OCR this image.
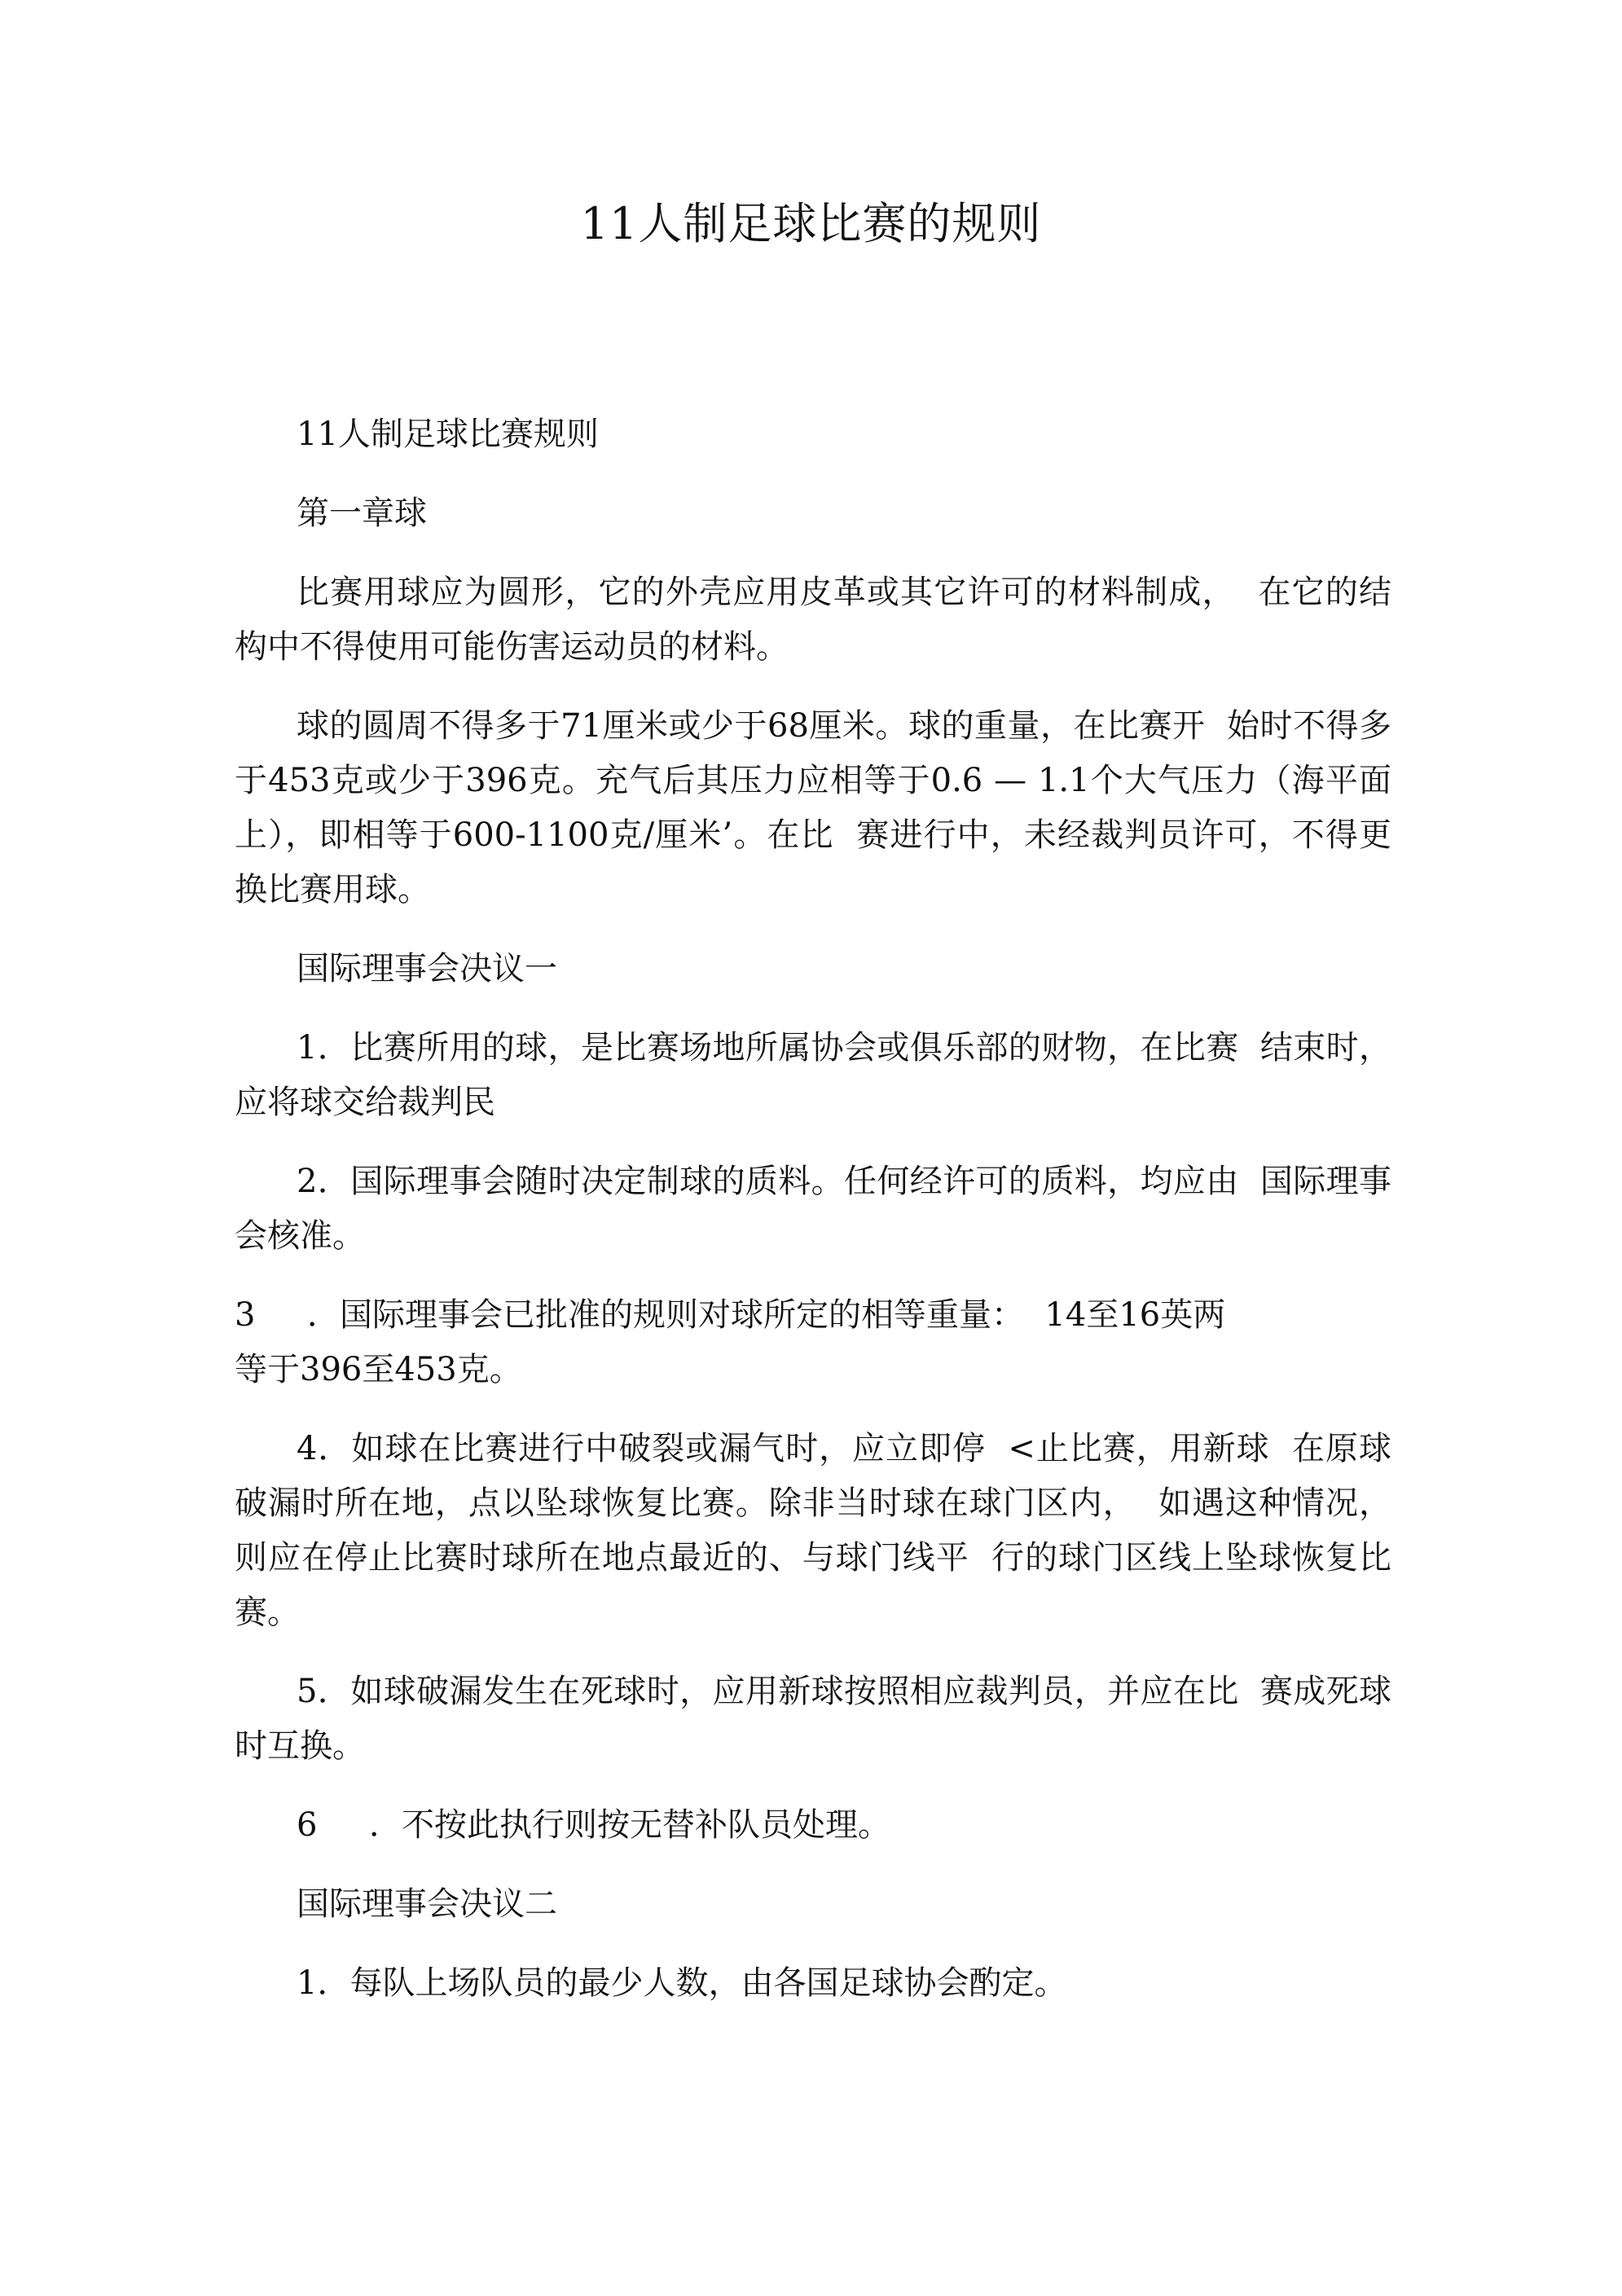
11人制足球比赛的规则

11人制足球比赛规则

第一章球

比赛用球应为圆形，它的外壳应用皮革或其它许可的材料制成，  在它的结构中不得使用可能伤害运动员的材料。

球的圆周不得多于71厘米或少于68厘米。球的重量，在比赛开  始时不得多于453克或少于396克。充气后其压力应相等于0.6 — 1.1个大气压力（海平面上），即相等于600-1100克/厘米’。在比  赛进行中，未经裁判员许可，不得更换比赛用球。

国际理事会决议一

1．比赛所用的球，是比赛场地所属协会或俱乐部的财物，在比赛  结束时，应将球交给裁判民

2．国际理事会随时决定制球的质料。任何经许可的质料，均应由  国际理事会核准。

3     ．国际理事会已批准的规则对球所定的相等重量：  14至16英两
等于396至453克。

4．如球在比赛进行中破裂或漏气时，应立即停  <止比赛，用新球  在原球破漏时所在地，点以坠球恢复比赛。除非当时球在球门区内，  如遇这种情况，则应在停止比赛时球所在地点最近的、与球门线平  行的球门区线上坠球恢复比赛。

5．如球破漏发生在死球时，应用新球按照相应裁判员，并应在比  赛成死球时互换。

6     ．不按此执行则按无替补队员处理。

国际理事会决议二

1．每队上场队员的最少人数，由各国足球协会酌定。
